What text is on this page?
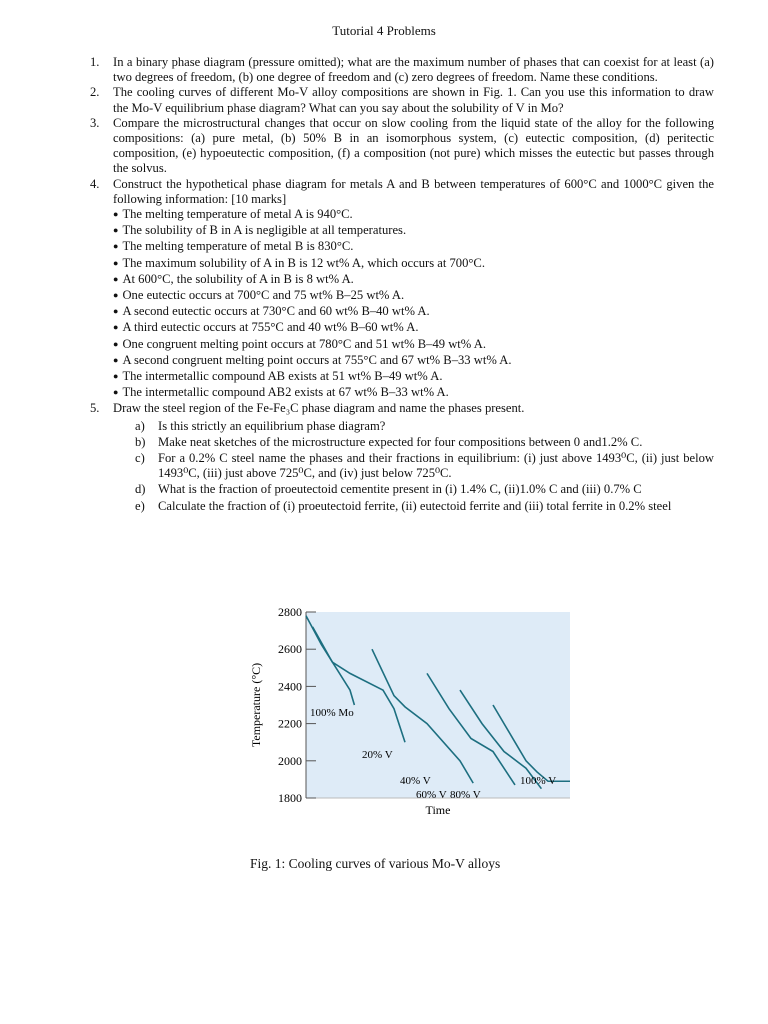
Tutorial 4 Problems
1.	In a binary phase diagram (pressure omitted); what are the maximum number of phases that can coexist for at least (a) two degrees of freedom, (b) one degree of freedom and (c) zero degrees of freedom. Name these conditions.
2.	The cooling curves of different Mo-V alloy compositions are shown in Fig. 1. Can you use this information to draw the Mo-V equilibrium phase diagram? What can you say about the solubility of V in Mo?
3.	Compare the microstructural changes that occur on slow cooling from the liquid state of the alloy for the following compositions: (a) pure metal, (b) 50% B in an isomorphous system, (c) eutectic composition, (d) peritectic composition, (e) hypoeutectic composition, (f) a composition (not pure) which misses the eutectic but passes through the solvus.
4.	Construct the hypothetical phase diagram for metals A and B between temperatures of 600°C and 1000°C given the following information: [10 marks]
● The melting temperature of metal A is 940°C.
● The solubility of B in A is negligible at all temperatures.
● The melting temperature of metal B is 830°C.
● The maximum solubility of A in B is 12 wt% A, which occurs at 700°C.
● At 600°C, the solubility of A in B is 8 wt% A.
● One eutectic occurs at 700°C and 75 wt% B–25 wt% A.
● A second eutectic occurs at 730°C and 60 wt% B–40 wt% A.
● A third eutectic occurs at 755°C and 40 wt% B–60 wt% A.
● One congruent melting point occurs at 780°C and 51 wt% B–49 wt% A.
● A second congruent melting point occurs at 755°C and 67 wt% B–33 wt% A.
● The intermetallic compound AB exists at 51 wt% B–49 wt% A.
● The intermetallic compound AB2 exists at 67 wt% B–33 wt% A.
5.	Draw the steel region of the Fe-Fe₃C phase diagram and name the phases present.
a)	Is this strictly an equilibrium phase diagram?
b) Make neat sketches of the microstructure expected for four compositions between 0 and1.2% C.
c)	For a 0.2% C steel name the phases and their fractions in equilibrium: (i) just above 1493⁰C, (ii) just below 1493⁰C, (iii) just above 725⁰C, and (iv) just below 725⁰C.
d) What is the fraction of proeutectoid cementite present in (i) 1.4% C, (ii)1.0% C and (iii) 0.7% C
e)	Calculate the fraction of (i) proeutectoid ferrite, (ii) eutectoid ferrite and (iii) total ferrite in 0.2% steel
1800
2000
2200
2400
2600
2800
100% Mo
20% V
40% V
60% V 80% V
100% V
Temperature (°C)
Time
Fig. 1: Cooling curves of various Mo-V alloys
